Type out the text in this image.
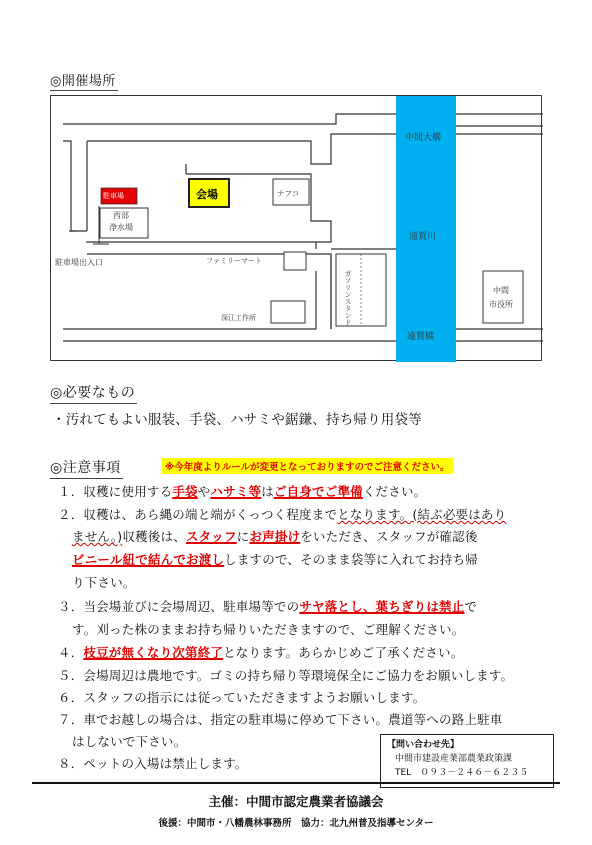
◎開催場所
中間大橋
駐車場	会場	ナフコ
西部
浄水場
遠賀川
駐車場出入口	ファミリーマート
ガソリンスタンド
深江工作所
中間
市役所
遠賀橋
◎必要なもの
・汚れてもよい服装、手袋、ハサミや鋸鎌、持ち帰り用袋等
◎注意事項	※今年度よりルールが変更となっておりますのでご注意ください。
１．収穫に使用する手袋やハサミ等はご自身でご準備ください。
２．収穫は、あら縄の端と端がくっつく程度までとなります。(結ぶ必要はあり
ません。)収穫後は、スタッフにお声掛けをいただき、スタッフが確認後
ビニール紐で結んでお渡ししますので、そのまま袋等に入れてお持ち帰
り下さい。
３．当会場並びに会場周辺、駐車場等でのサヤ落とし、葉ちぎりは禁止で
す。刈った株のままお持ち帰りいただきますので、ご理解ください。
４．枝豆が無くなり次第終了となります。あらかじめご了承ください。
５．会場周辺は農地です。ゴミの持ち帰り等環境保全にご協力をお願いします。
６．スタッフの指示には従っていただきますようお願いします。
７．車でお越しの場合は、指定の駐車場に停めて下さい。農道等への路上駐車
はしないで下さい。
８．ペットの入場は禁止します。
【問い合わせ先】
中間市建設産業部農業政策課
TEL　０９３－２４６－６２３５
主催：中間市認定農業者協議会
後援：中間市・八幡農林事務所　協力：北九州普及指導センター
